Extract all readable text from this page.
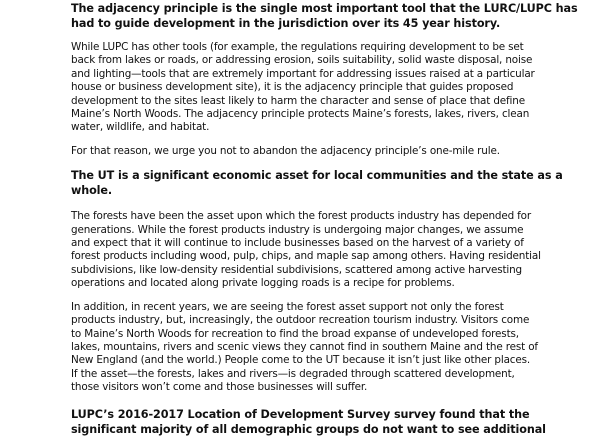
The adjacency principle is the single most important tool that the LURC/LUPC has
had to guide development in the jurisdiction over its 45 year history.
While LUPC has other tools (for example, the regulations requiring development to be set
back from lakes or roads, or addressing erosion, soils suitability, solid waste disposal, noise
and lighting—tools that are extremely important for addressing issues raised at a particular
house or business development site), it is the adjacency principle that guides proposed
development to the sites least likely to harm the character and sense of place that define
Maine’s North Woods. The adjacency principle protects Maine’s forests, lakes, rivers, clean
water, wildlife, and habitat.
For that reason, we urge you not to abandon the adjacency principle’s one-mile rule.
The UT is a significant economic asset for local communities and the state as a
whole.
The forests have been the asset upon which the forest products industry has depended for
generations. While the forest products industry is undergoing major changes, we assume
and expect that it will continue to include businesses based on the harvest of a variety of
forest products including wood, pulp, chips, and maple sap among others. Having residential
subdivisions, like low-density residential subdivisions, scattered among active harvesting
operations and located along private logging roads is a recipe for problems.
In addition, in recent years, we are seeing the forest asset support not only the forest
products industry, but, increasingly, the outdoor recreation tourism industry. Visitors come
to Maine’s North Woods for recreation to find the broad expanse of undeveloped forests,
lakes, mountains, rivers and scenic views they cannot find in southern Maine and the rest of
New England (and the world.) People come to the UT because it isn’t just like other places.
If the asset—the forests, lakes and rivers—is degraded through scattered development,
those visitors won’t come and those businesses will suffer.
LUPC’s 2016-2017 Location of Development Survey survey found that the
significant majority of all demographic groups do not want to see additional
